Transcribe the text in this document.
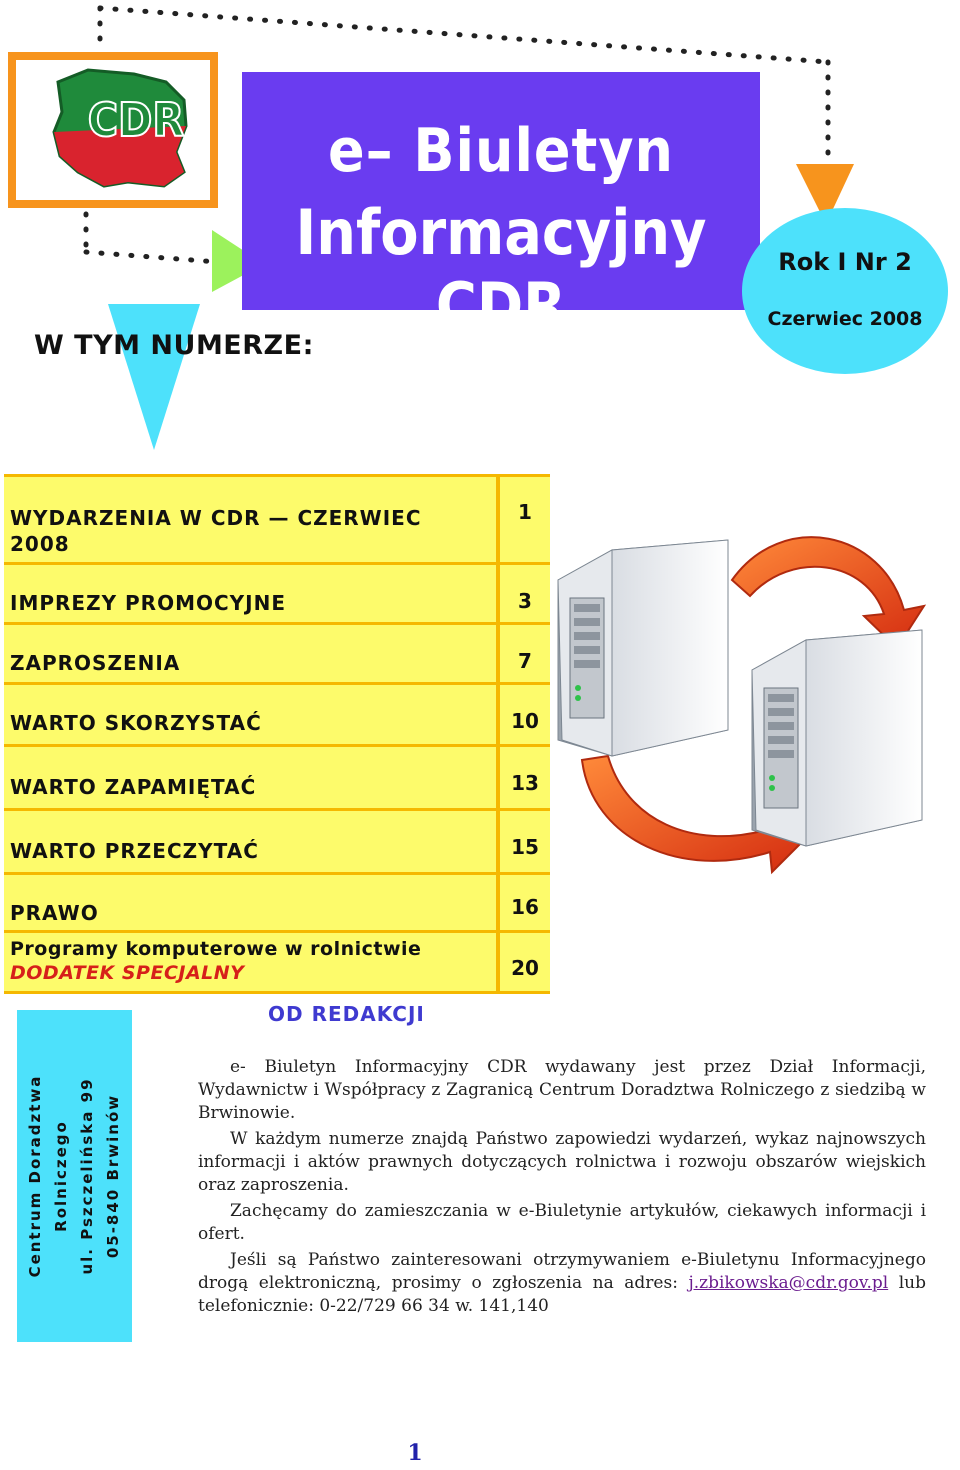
CDR	e– Biuletyn
Informacyjny CDR
Rok I Nr 2
Czerwiec 2008
W TYM NUMERZE:
WYDARZENIA W CDR — CZERWIEC 2008
1
IMPREZY PROMOCYJNE	3
ZAPROSZENIA	7
WARTO SKORZYSTAĆ	10
WARTO ZAPAMIĘTAĆ	13
WARTO PRZECZYTAĆ	15
PRAWO	16
Programy komputerowe w rolnictwie
DODATEK SPECJALNY	20
Centrum Doradztwa Rolniczego ul. Pszczelińska 99 05-840 Brwinów
OD REDAKCJI

e- Biuletyn Informacyjny CDR wydawany jest przez Dział Informacji, Wydawnictw i Współpracy z Zagranicą Centrum Doradztwa Rolniczego z siedzibą w Brwinowie.

W każdym numerze znajdą Państwo zapowiedzi wydarzeń, wykaz najnowszych informacji i aktów prawnych dotyczących rolnictwa i rozwoju obszarów wiejskich oraz zaproszenia.

Zachęcamy do zamieszczania w e-Biuletynie artykułów, ciekawych informacji i ofert.

Jeśli są Państwo zainteresowani otrzymywaniem e-Biuletynu Informacyjnego drogą elektroniczną, prosimy o zgłoszenia na adres: j.zbikowska@cdr.gov.pl lub telefonicznie: 0-22/729 66 34 w. 141,140

1
